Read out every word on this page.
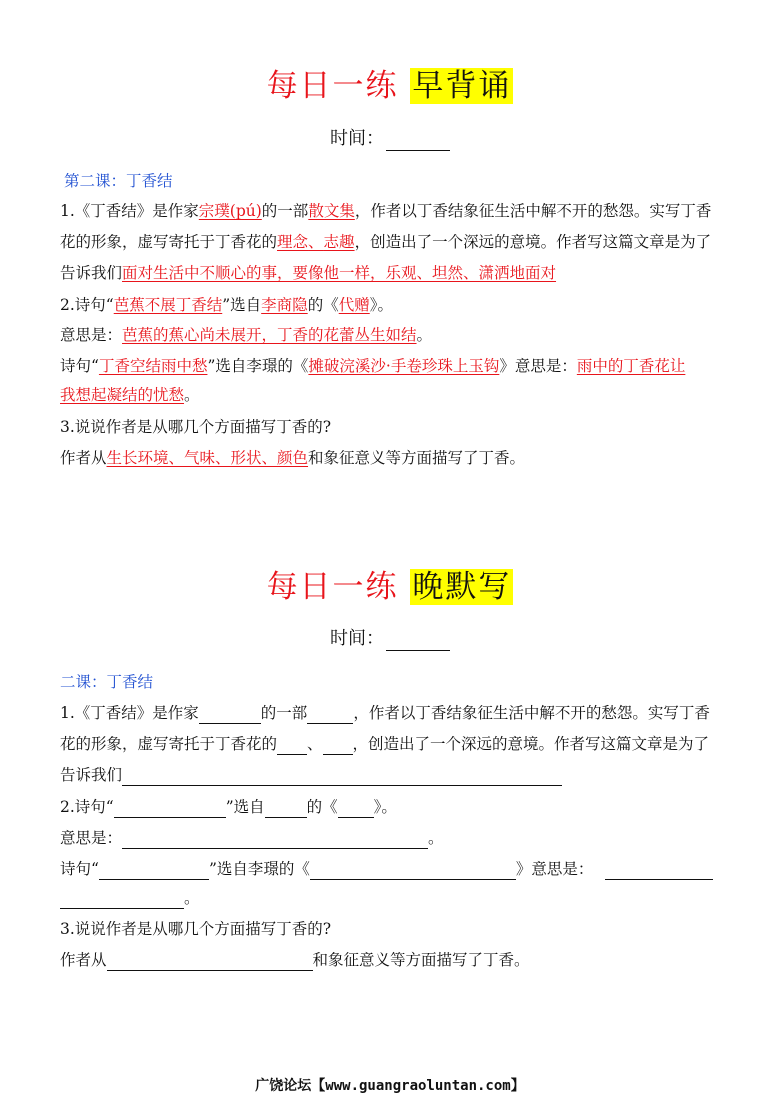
每日一练 早背诵
时间：
第二课：丁香结
1.《丁香结》是作家宗璞(pú)的一部散文集，作者以丁香结象征生活中解不开的愁怨。实写丁香
花的形象，虚写寄托于丁香花的理念、志趣，创造出了一个深远的意境。作者写这篇文章是为了
告诉我们面对生活中不顺心的事，要像他一样，乐观、坦然、潇洒地面对
2.诗句“芭蕉不展丁香结”选自李商隐的《代赠》。
意思是：芭蕉的蕉心尚未展开，丁香的花蕾丛生如结。
诗句“丁香空结雨中愁”选自李璟的《摊破浣溪沙·手卷珍珠上玉钩》意思是：雨中的丁香花让
我想起凝结的忧愁。
3.说说作者是从哪几个方面描写丁香的?
作者从生长环境、气味、形状、颜色和象征意义等方面描写了丁香。
每日一练 晚默写
时间：
二课：丁香结
1.《丁香结》是作家	的一部	，作者以丁香结象征生活中解不开的愁怨。实写丁香
花的形象，虚写寄托于丁香花的 、 ，创造出了一个深远的意境。作者写这篇文章是为了
告诉我们
2.诗句“	”选自	的《 》。
意思是：	。
诗句“	”选自李璟的《	》意思是：
。
3.说说作者是从哪几个方面描写丁香的?
作者从	和象征意义等方面描写了丁香。
广饶论坛【www.guangraoluntan.com】
